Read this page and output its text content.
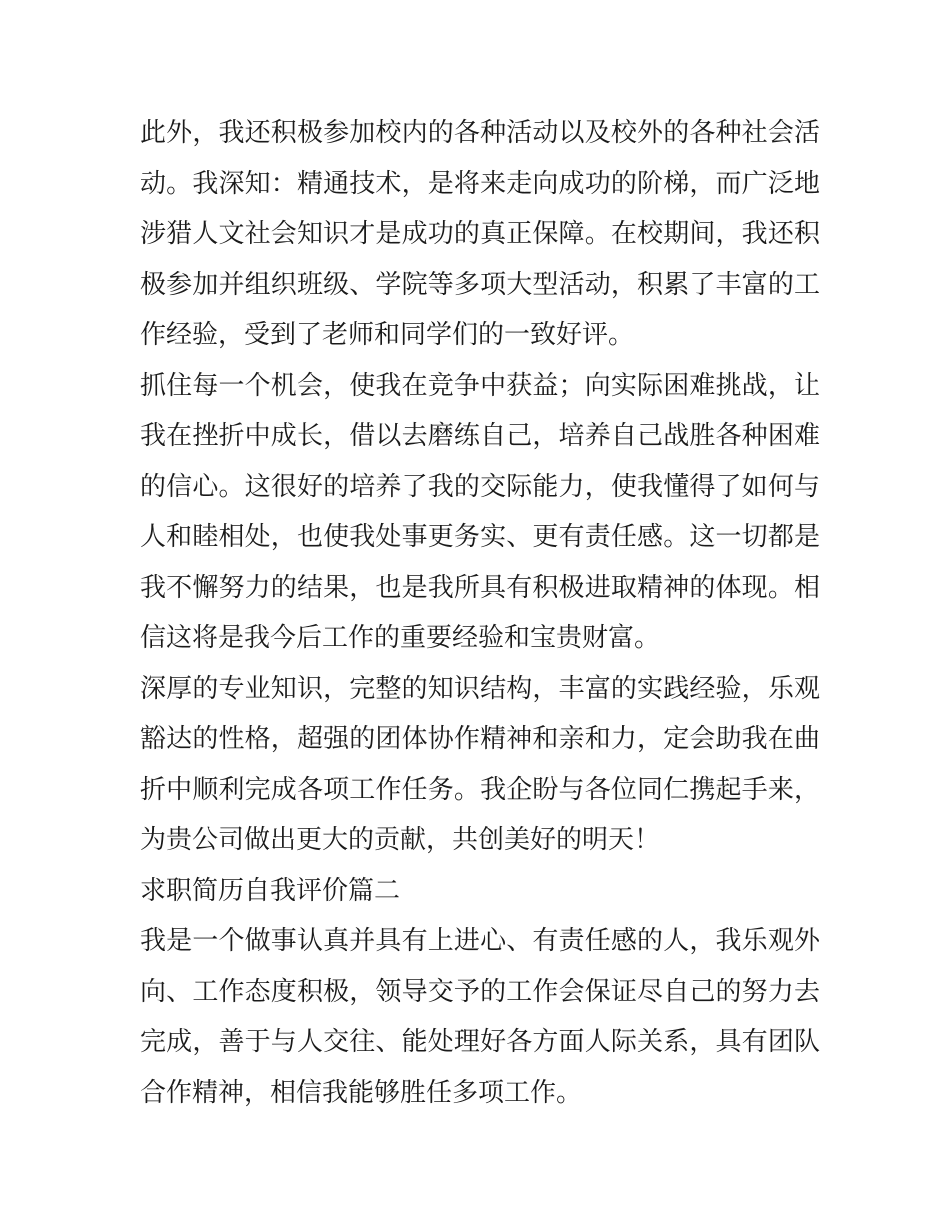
此外，我还积极参加校内的各种活动以及校外的各种社会活动。我深知：精通技术，是将来走向成功的阶梯，而广泛地涉猎人文社会知识才是成功的真正保障。在校期间，我还积极参加并组织班级、学院等多项大型活动，积累了丰富的工作经验，受到了老师和同学们的一致好评。

抓住每一个机会，使我在竞争中获益；向实际困难挑战，让我在挫折中成长，借以去磨练自己，培养自己战胜各种困难的信心。这很好的培养了我的交际能力，使我懂得了如何与人和睦相处，也使我处事更务实、更有责任感。这一切都是我不懈努力的结果，也是我所具有积极进取精神的体现。相信这将是我今后工作的重要经验和宝贵财富。

深厚的专业知识，完整的知识结构，丰富的实践经验，乐观豁达的性格，超强的团体协作精神和亲和力，定会助我在曲折中顺利完成各项工作任务。我企盼与各位同仁携起手来，为贵公司做出更大的贡献，共创美好的明天！

求职简历自我评价篇二

我是一个做事认真并具有上进心、有责任感的人，我乐观外向、工作态度积极，领导交予的工作会保证尽自己的努力去完成，善于与人交往、能处理好各方面人际关系，具有团队合作精神，相信我能够胜任多项工作。
